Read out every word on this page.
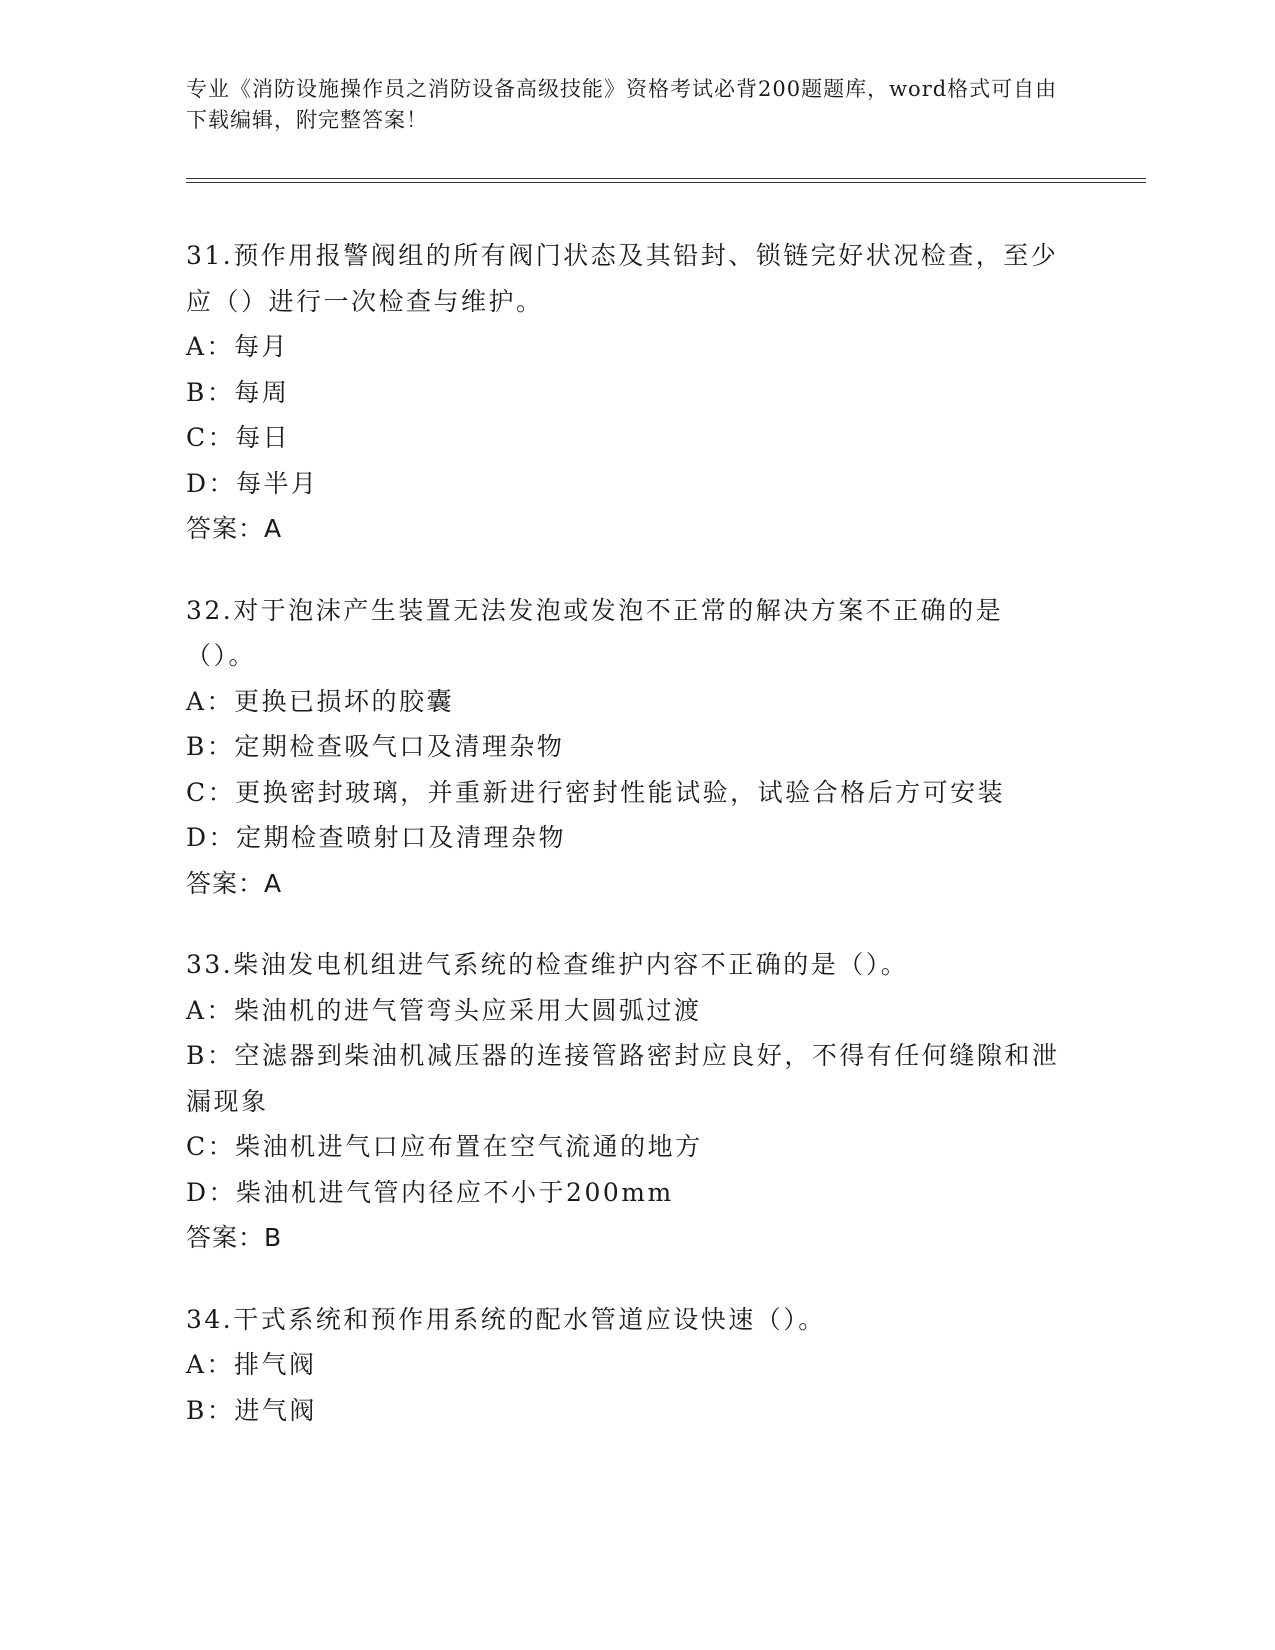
专业《消防设施操作员之消防设备高级技能》资格考试必背200题题库，word格式可自由下载编辑，附完整答案！
31.预作用报警阀组的所有阀门状态及其铅封、锁链完好状况检查，至少应（）进行一次检查与维护。
A：每月
B：每周
C：每日
D：每半月
答案：A
32.对于泡沫产生装置无法发泡或发泡不正常的解决方案不正确的是（）。
A：更换已损坏的胶囊
B：定期检查吸气口及清理杂物
C：更换密封玻璃，并重新进行密封性能试验，试验合格后方可安装
D：定期检查喷射口及清理杂物
答案：A
33.柴油发电机组进气系统的检查维护内容不正确的是（）。
A：柴油机的进气管弯头应采用大圆弧过渡
B：空滤器到柴油机减压器的连接管路密封应良好，不得有任何缝隙和泄漏现象
C：柴油机进气口应布置在空气流通的地方
D：柴油机进气管内径应不小于200mm
答案：B
34.干式系统和预作用系统的配水管道应设快速（）。
A：排气阀
B：进气阀
